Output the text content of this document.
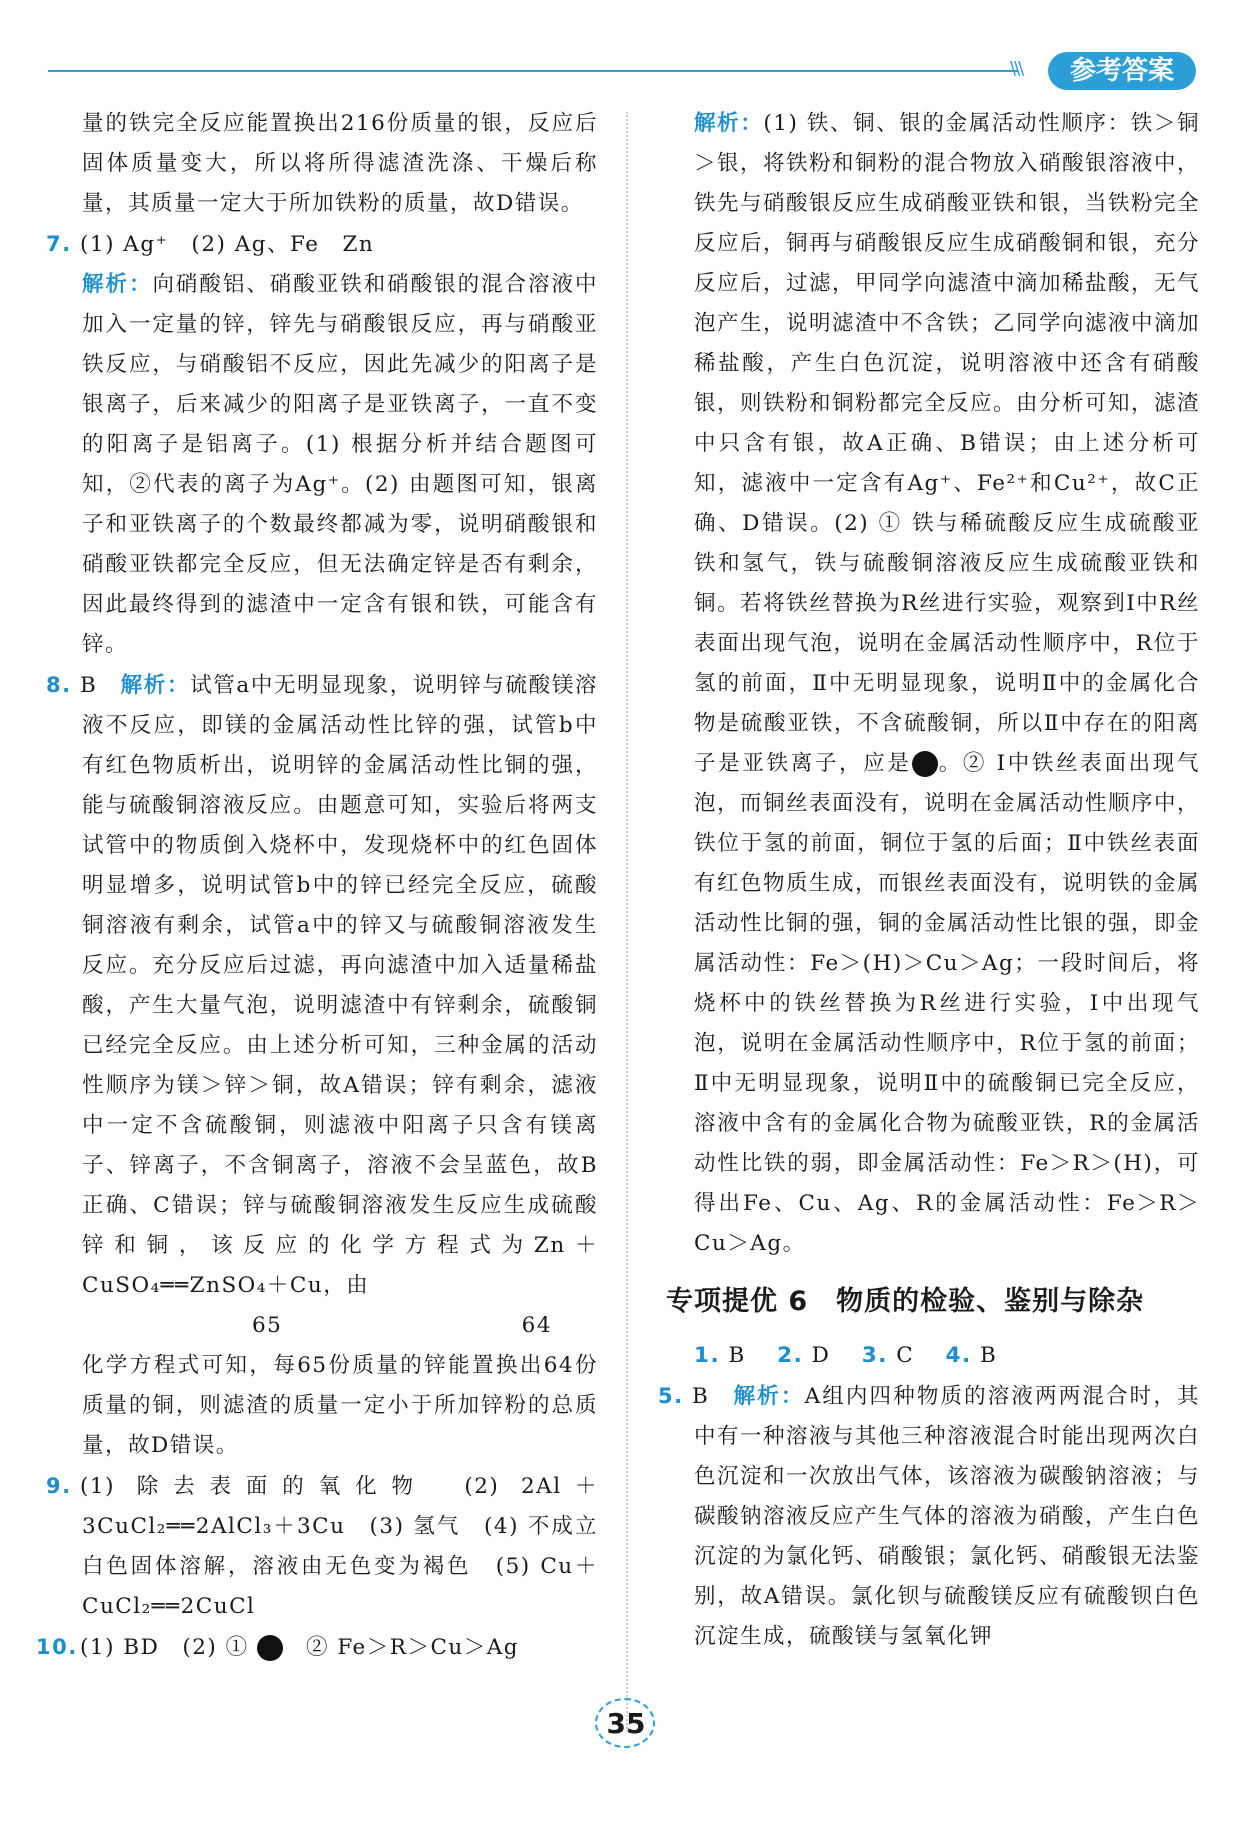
\\\	参考答案

量的铁完全反应能置换出216份质量的银，反应后固体质量变大，所以将所得滤渣洗涤、干燥后称量，其质量一定大于所加铁粉的质量，故D错误。

7. (1) Ag⁺　(2) Ag、Fe　Zn

解析：向硝酸铝、硝酸亚铁和硝酸银的混合溶液中加入一定量的锌，锌先与硝酸银反应，再与硝酸亚铁反应，与硝酸铝不反应，因此先减少的阳离子是银离子，后来减少的阳离子是亚铁离子，一直不变的阳离子是铝离子。(1) 根据分析并结合题图可知，②代表的离子为Ag⁺。(2) 由题图可知，银离子和亚铁离子的个数最终都减为零，说明硝酸银和硝酸亚铁都完全反应，但无法确定锌是否有剩余，因此最终得到的滤渣中一定含有银和铁，可能含有锌。

8. B　解析：试管a中无明显现象，说明锌与硫酸镁溶液不反应，即镁的金属活动性比锌的强，试管b中有红色物质析出，说明锌的金属活动性比铜的强，能与硫酸铜溶液反应。由题意可知，实验后将两支试管中的物质倒入烧杯中，发现烧杯中的红色固体明显增多，说明试管b中的锌已经完全反应，硫酸铜溶液有剩余，试管a中的锌又与硫酸铜溶液发生反应。充分反应后过滤，再向滤渣中加入适量稀盐酸，产生大量气泡，说明滤渣中有锌剩余，硫酸铜已经完全反应。由上述分析可知，三种金属的活动性顺序为镁＞锌＞铜，故A错误；锌有剩余，滤液中一定不含硫酸铜，则滤液中阳离子只含有镁离子、锌离子，不含铜离子，溶液不会呈蓝色，故B正确、C错误；锌与硫酸铜溶液发生反应生成硫酸锌和铜，该反应的化学方程式为Zn＋CuSO₄══ZnSO₄＋Cu，由

65	64

化学方程式可知，每65份质量的锌能置换出64份质量的铜，则滤渣的质量一定小于所加锌粉的总质量，故D错误。

9. (1) 除去表面的氧化物　(2) 2Al＋3CuCl₂══2AlCl₃＋3Cu　(3) 氢气　(4) 不成立　白色固体溶解，溶液由无色变为褐色　(5) Cu＋CuCl₂══2CuCl

10. (1) BD　(2) ① 　	② Fe＞R＞Cu＞Ag

解析：(1) 铁、铜、银的金属活动性顺序：铁＞铜＞银，将铁粉和铜粉的混合物放入硝酸银溶液中，铁先与硝酸银反应生成硝酸亚铁和银，当铁粉完全反应后，铜再与硝酸银反应生成硝酸铜和银，充分反应后，过滤，甲同学向滤渣中滴加稀盐酸，无气泡产生，说明滤渣中不含铁；乙同学向滤液中滴加稀盐酸，产生白色沉淀，说明溶液中还含有硝酸银，则铁粉和铜粉都完全反应。由分析可知，滤渣中只含有银，故A正确、B错误；由上述分析可知，滤液中一定含有Ag⁺、Fe²⁺和Cu²⁺，故C正确、D错误。(2) ① 铁与稀硫酸反应生成硫酸亚铁和氢气，铁与硫酸铜溶液反应生成硫酸亚铁和铜。若将铁丝替换为R丝进行实验，观察到Ⅰ中R丝表面出现气泡，说明在金属活动性顺序中，R位于氢的前面，Ⅱ中无明显现象，说明Ⅱ中的金属化合物是硫酸亚铁，不含硫酸铜，所以Ⅱ中存在的阳离子是亚铁离子，应是 。② Ⅰ中铁丝表面出现气泡，而铜丝表面没有，说明在金属活动性顺序中，铁位于氢的前面，铜位于氢的后面；Ⅱ中铁丝表面有红色物质生成，而银丝表面没有，说明铁的金属活动性比铜的强，铜的金属活动性比银的强，即金属活动性：Fe＞(H)＞Cu＞Ag；一段时间后，将烧杯中的铁丝替换为R丝进行实验，Ⅰ中出现气泡，说明在金属活动性顺序中，R位于氢的前面；Ⅱ中无明显现象，说明Ⅱ中的硫酸铜已完全反应，溶液中含有的金属化合物为硫酸亚铁，R的金属活动性比铁的弱，即金属活动性：Fe＞R＞(H)，可得出Fe、Cu、Ag、R的金属活动性：Fe＞R＞Cu＞Ag。

专项提优 6　物质的检验、鉴别与除杂

1. B　 2. D　 3. C　 4. B

5. B　解析：A组内四种物质的溶液两两混合时，其中有一种溶液与其他三种溶液混合时能出现两次白色沉淀和一次放出气体，该溶液为碳酸钠溶液；与碳酸钠溶液反应产生气体的溶液为硝酸，产生白色沉淀的为氯化钙、硝酸银；氯化钙、硝酸银无法鉴别，故A错误。氯化钡与硫酸镁反应有硫酸钡白色沉淀生成，硫酸镁与氢氧化钾

35
